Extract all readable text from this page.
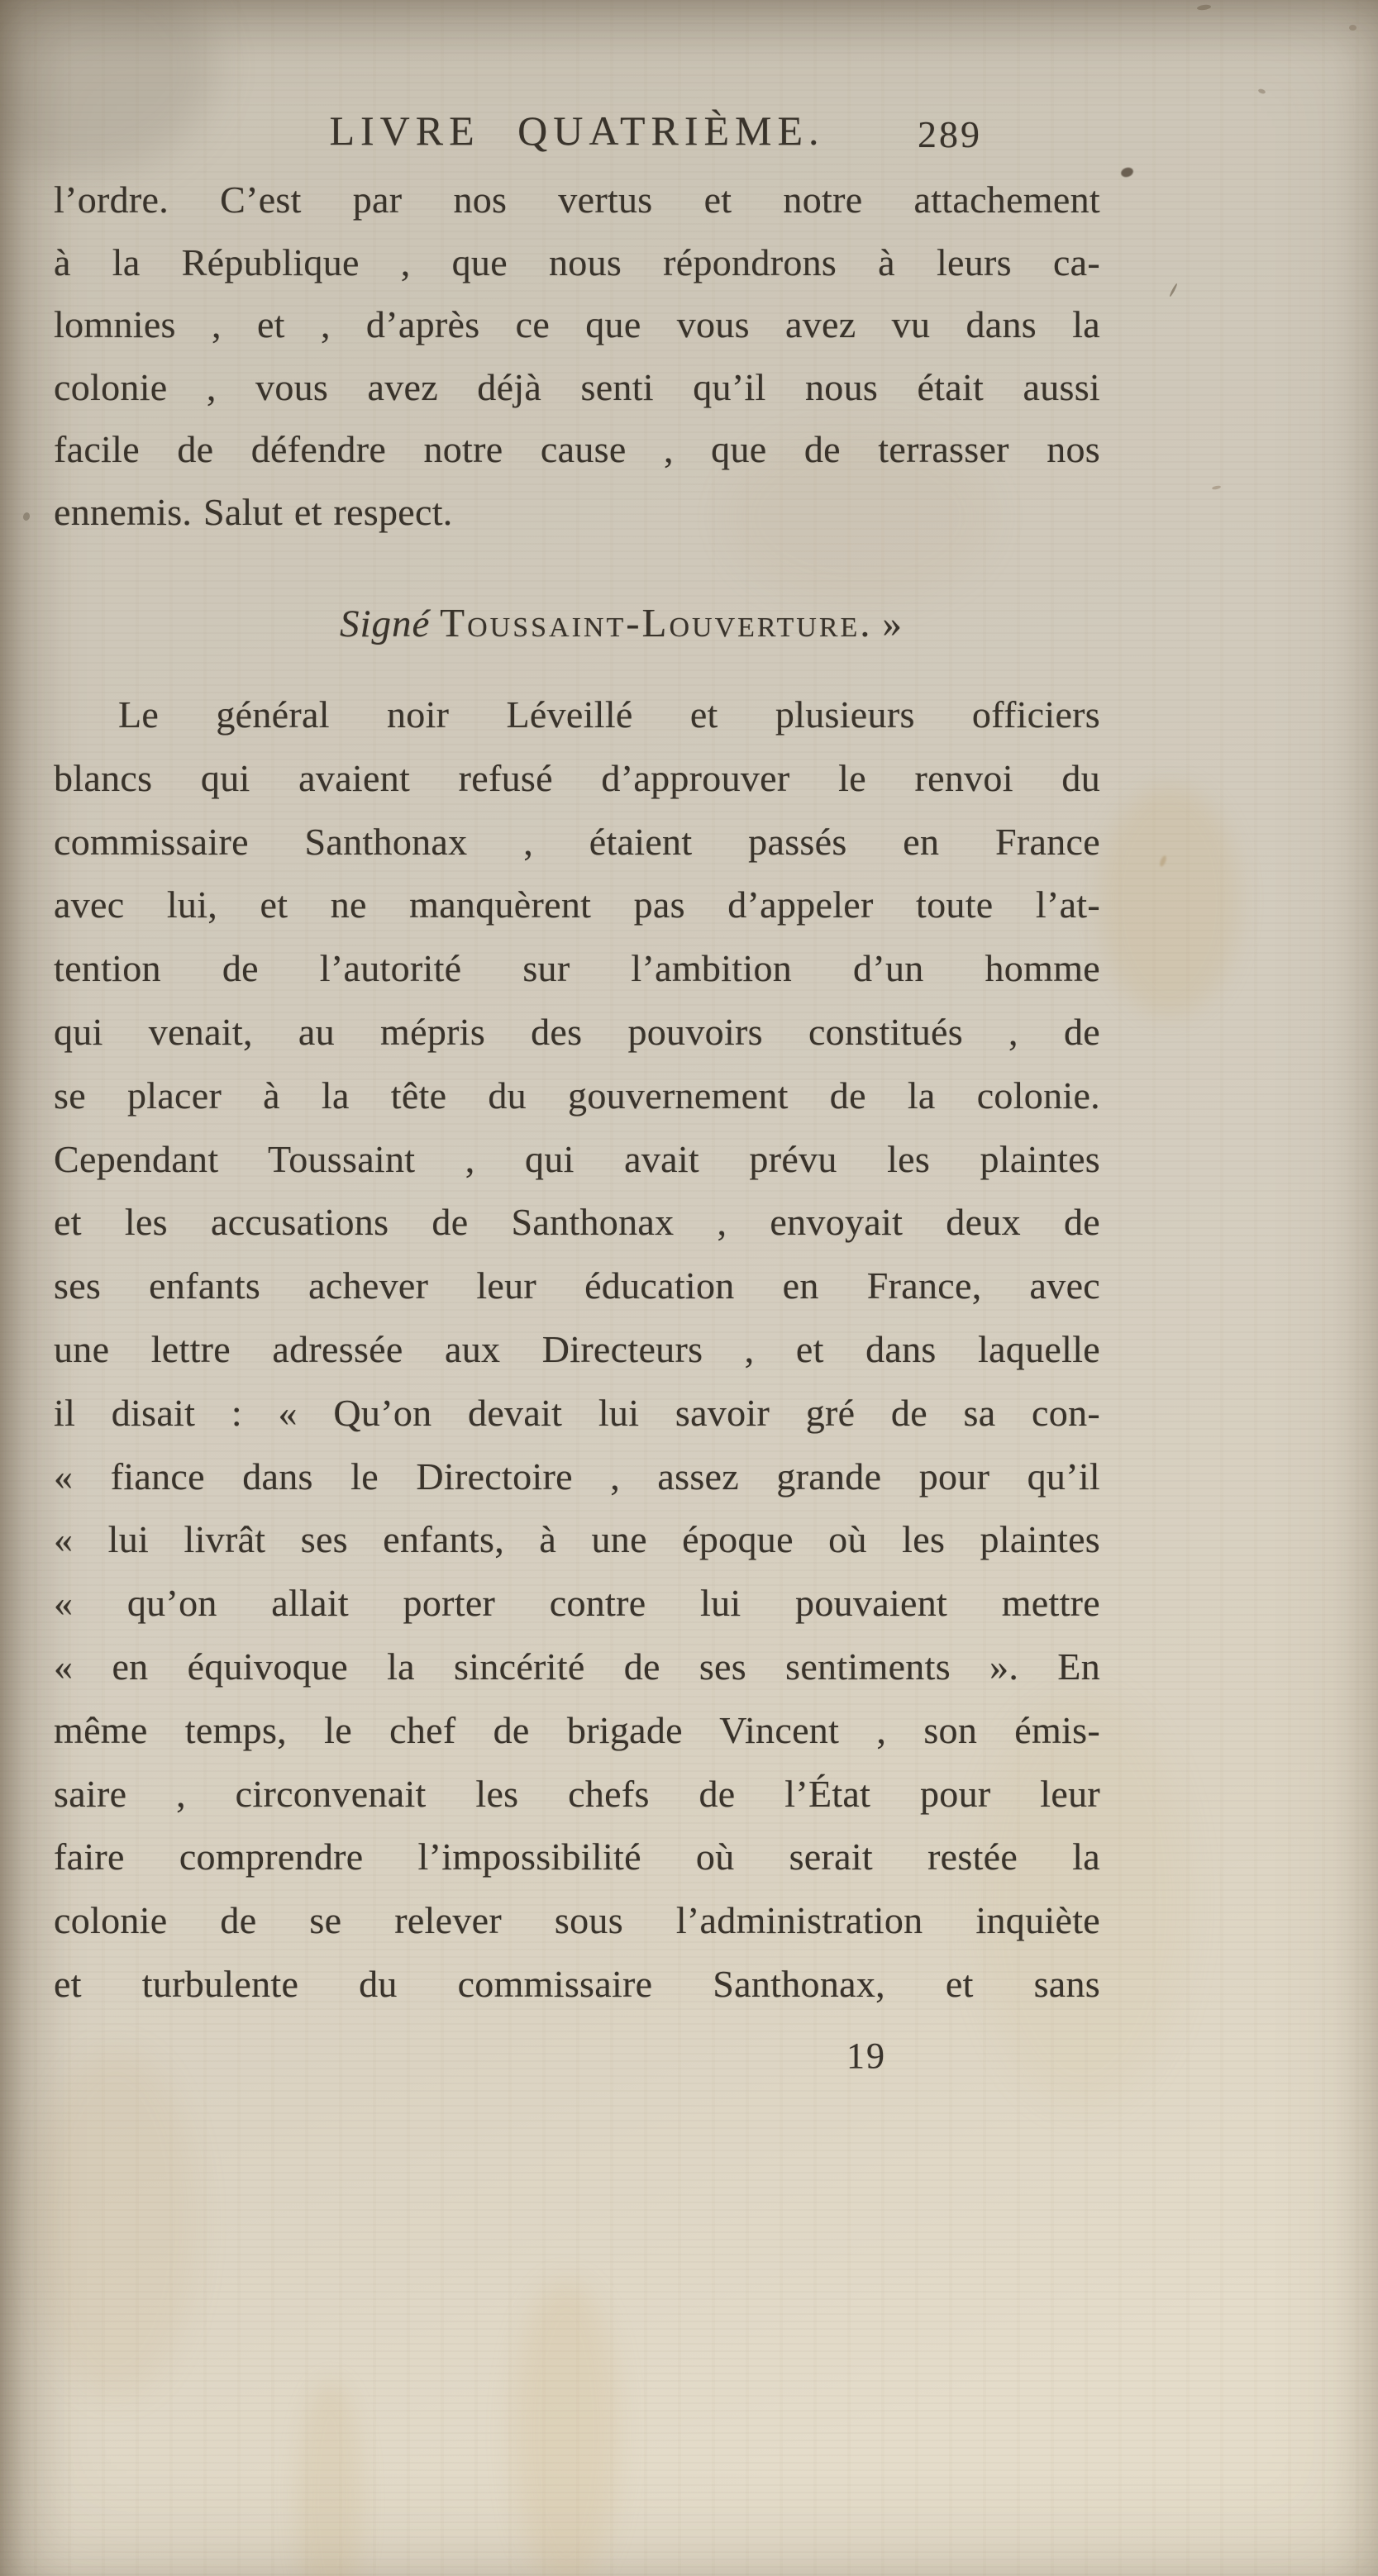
LIVRE QUATRIÈME.	289
l’ordre. C’est par nos vertus et notre attachement
à la République , que nous répondrons à leurs ca-
lomnies , et , d’après ce que vous avez vu dans la
colonie , vous avez déjà senti qu’il nous était aussi
facile de défendre notre cause , que de terrasser nos
ennemis. Salut et respect.
Signé Toussaint-Louverture. »
Le général noir Léveillé et plusieurs officiers
blancs qui avaient refusé d’approuver le renvoi du
commissaire Santhonax , étaient passés en France
avec lui, et ne manquèrent pas d’appeler toute l’at-
tention de l’autorité sur l’ambition d’un homme
qui venait, au mépris des pouvoirs constitués , de
se placer à la tête du gouvernement de la colonie.
Cependant Toussaint , qui avait prévu les plaintes
et les accusations de Santhonax , envoyait deux de
ses enfants achever leur éducation en France, avec
une lettre adressée aux Directeurs , et dans laquelle
il disait : « Qu’on devait lui savoir gré de sa con-
« fiance dans le Directoire , assez grande pour qu’il
« lui livrât ses enfants, à une époque où les plaintes
« qu’on allait porter contre lui pouvaient mettre
« en équivoque la sincérité de ses sentiments ». En
même temps, le chef de brigade Vincent , son émis-
saire , circonvenait les chefs de l’État pour leur
faire comprendre l’impossibilité où serait restée la
colonie de se relever sous l’administration inquiète
et turbulente du commissaire Santhonax, et sans
19
